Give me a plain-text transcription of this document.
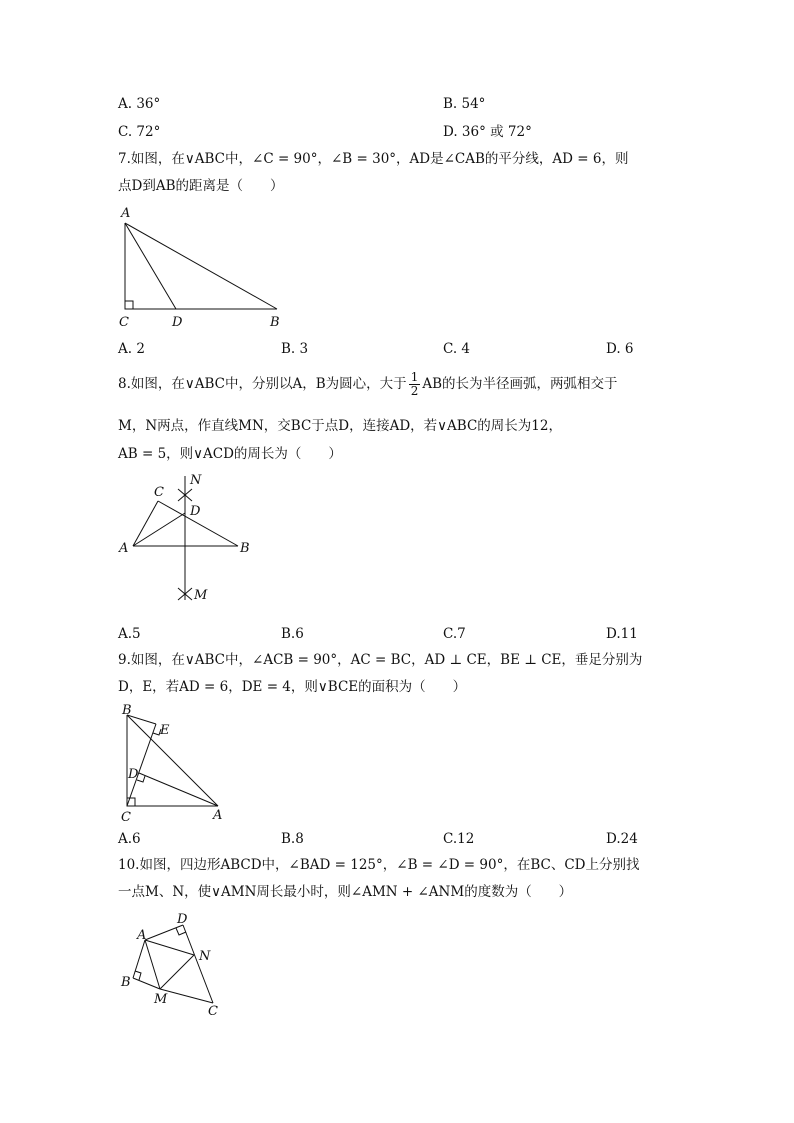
A. 36°	B. 54°
C. 72°	D. 36° 或 72°
7.如图，在∨ABC中，∠C = 90°，∠B = 30°，AD是∠CAB的平分线，AD = 6，则
点D到AB的距离是（　　）
A
C	D	B
A. 2	B. 3	C. 4	D. 6
8.如图，在∨ABC中，分别以A，B为圆心，大于 $\frac{1}{2}$ AB的长为半径画弧，两弧相交于
M，N两点，作直线MN，交BC于点D，连接AD，若∨ABC的周长为12，
AB = 5，则∨ACD的周长为（　　）
N
C
D
A	B
M
A.5	B.6	C.7	D.11
9.如图，在∨ABC中，∠ACB = 90°，AC = BC，AD ⊥ CE，BE ⊥ CE，垂足分别为
D，E，若AD = 6，DE = 4，则∨BCE的面积为（　　）
B
E
D
C	A
A.6	B.8	C.12	D.24
10.如图，四边形ABCD中，∠BAD = 125°，∠B = ∠D = 90°，在BC、CD上分别找
一点M、N，使∨AMN周长最小时，则∠AMN + ∠ANM的度数为（　　）
D
A
N
B
M
C
